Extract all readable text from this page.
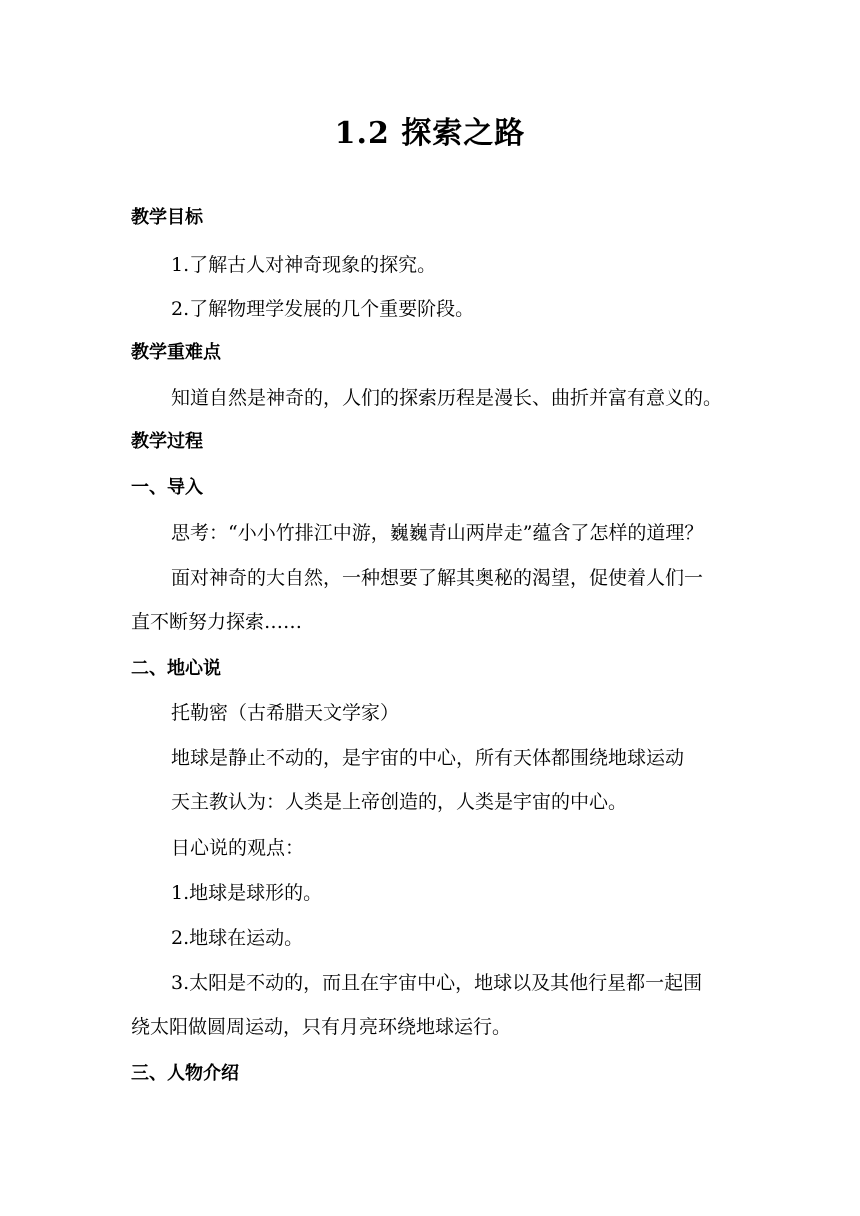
1.2 探索之路
教学目标
1.了解古人对神奇现象的探究。
2.了解物理学发展的几个重要阶段。
教学重难点
知道自然是神奇的，人们的探索历程是漫长、曲折并富有意义的。
教学过程
一、导入
思考：“小小竹排江中游，巍巍青山两岸走”蕴含了怎样的道理？
面对神奇的大自然，一种想要了解其奥秘的渴望，促使着人们一
直不断努力探索……
二、地心说
托勒密（古希腊天文学家）
地球是静止不动的，是宇宙的中心，所有天体都围绕地球运动
天主教认为：人类是上帝创造的，人类是宇宙的中心。
日心说的观点：
1.地球是球形的。
2.地球在运动。
3.太阳是不动的，而且在宇宙中心，地球以及其他行星都一起围
绕太阳做圆周运动，只有月亮环绕地球运行。
三、人物介绍
